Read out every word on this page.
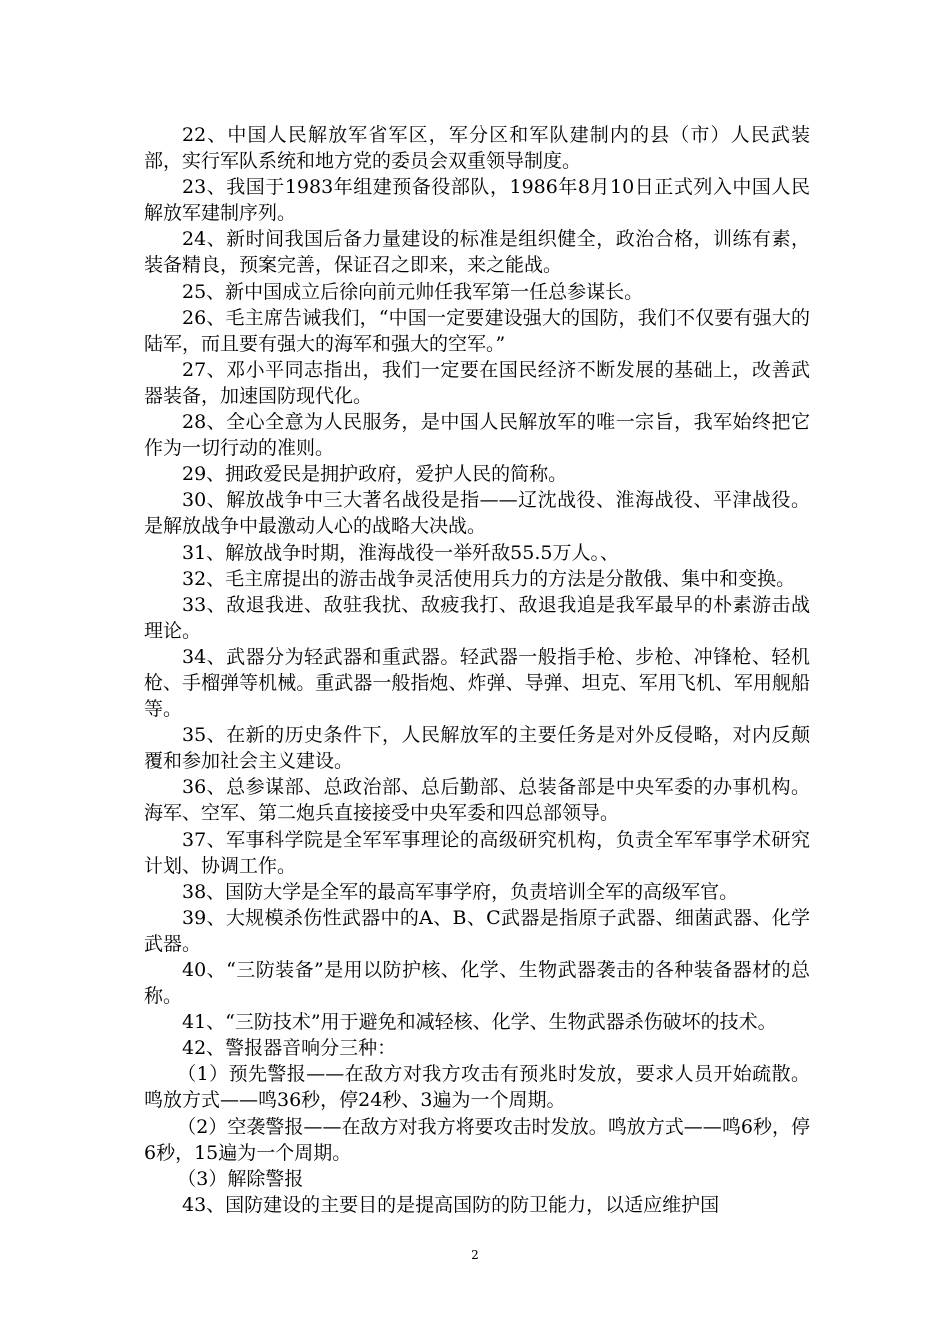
22、中国人民解放军省军区，军分区和军队建制内的县（市）人民武装部，实行军队系统和地方党的委员会双重领导制度。

23、我国于1983年组建预备役部队，1986年8月10日正式列入中国人民解放军建制序列。

24、新时间我国后备力量建设的标准是组织健全，政治合格，训练有素，装备精良，预案完善，保证召之即来，来之能战。

25、新中国成立后徐向前元帅任我军第一任总参谋长。

26、毛主席告诫我们，“中国一定要建设强大的国防，我们不仅要有强大的陆军，而且要有强大的海军和强大的空军。”

27、邓小平同志指出，我们一定要在国民经济不断发展的基础上，改善武器装备，加速国防现代化。

28、全心全意为人民服务，是中国人民解放军的唯一宗旨，我军始终把它作为一切行动的准则。

29、拥政爱民是拥护政府，爱护人民的简称。

30、解放战争中三大著名战役是指——辽沈战役、淮海战役、平津战役。是解放战争中最激动人心的战略大决战。

31、解放战争时期，淮海战役一举歼敌55.5万人。、

32、毛主席提出的游击战争灵活使用兵力的方法是分散俄、集中和变换。

33、敌退我进、敌驻我扰、敌疲我打、敌退我追是我军最早的朴素游击战理论。

34、武器分为轻武器和重武器。轻武器一般指手枪、步枪、冲锋枪、轻机枪、手榴弹等机械。重武器一般指炮、炸弹、导弹、坦克、军用飞机、军用舰船等。

35、在新的历史条件下，人民解放军的主要任务是对外反侵略，对内反颠覆和参加社会主义建设。

36、总参谋部、总政治部、总后勤部、总装备部是中央军委的办事机构。海军、空军、第二炮兵直接接受中央军委和四总部领导。

37、军事科学院是全军军事理论的高级研究机构，负责全军军事学术研究计划、协调工作。

38、国防大学是全军的最高军事学府，负责培训全军的高级军官。

39、大规模杀伤性武器中的A、B、C武器是指原子武器、细菌武器、化学武器。

40、“三防装备”是用以防护核、化学、生物武器袭击的各种装备器材的总称。

41、“三防技术”用于避免和减轻核、化学、生物武器杀伤破坏的技术。

42、警报器音响分三种：

（1）预先警报——在敌方对我方攻击有预兆时发放，要求人员开始疏散。鸣放方式——鸣36秒，停24秒、3遍为一个周期。

（2）空袭警报——在敌方对我方将要攻击时发放。鸣放方式——鸣6秒，停6秒，15遍为一个周期。

（3）解除警报

43、国防建设的主要目的是提高国防的防卫能力，以适应维护国

2
